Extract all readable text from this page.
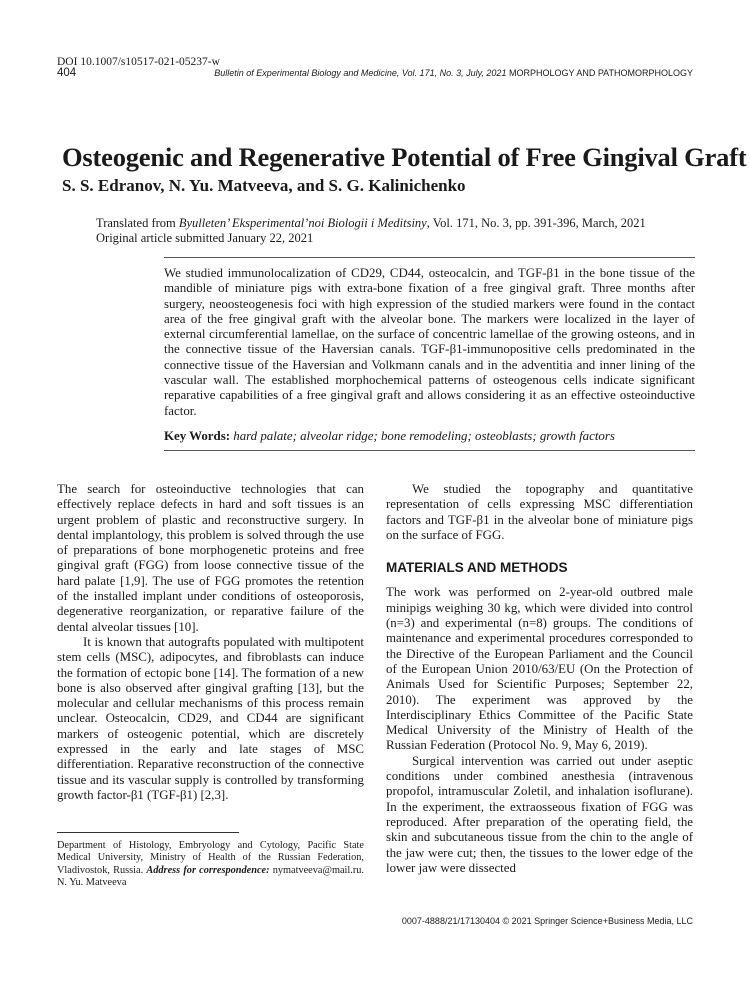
DOI 10.1007/s10517-021-05237-w
404	Bulletin of Experimental Biology and Medicine, Vol. 171, No. 3, July, 2021 MORPHOLOGY AND PATHOMORPHOLOGY
Osteogenic and Regenerative Potential of Free Gingival Graft
S. S. Edranov, N. Yu. Matveeva, and S. G. Kalinichenko
Translated from Byulleten’ Eksperimental’noi Biologii i Meditsiny, Vol. 171, No. 3, pp. 391-396, March, 2021
Original article submitted January 22, 2021

We studied immunolocalization of CD29, CD44, osteocalcin, and TGF-β1 in the bone tissue of the mandible of miniature pigs with extra-bone fixation of a free gingival graft. Three months after surgery, neoosteogenesis foci with high expression of the studied markers were found in the contact area of the free gingival graft with the alveolar bone. The markers were localized in the layer of external circumferential lamellae, on the surface of concentric lamellae of the growing osteons, and in the connective tissue of the Haversian canals. TGF-β1-immunopositive cells predominated in the connective tissue of the Haversian and Volkmann canals and in the adventitia and inner lining of the vascular wall. The established morphochemical patterns of osteogenous cells indicate significant reparative capabilities of a free gingival graft and allows considering it as an effective osteoinductive factor.

Key Words: hard palate; alveolar ridge; bone remodeling; osteoblasts; growth factors

The search for osteoinductive technologies that can effectively replace defects in hard and soft tissues is an urgent problem of plastic and reconstructive surgery. In dental implantology, this problem is solved through the use of preparations of bone morphogenetic proteins and free gingival graft (FGG) from loose connective tissue of the hard palate [1,9]. The use of FGG promotes the retention of the installed implant under conditions of osteoporosis, degenerative reorganization, or reparative failure of the dental alveolar tissues [10].

It is known that autografts populated with multipotent stem cells (MSC), adipocytes, and fibroblasts can induce the formation of ectopic bone [14]. The formation of a new bone is also observed after gingival grafting [13], but the molecular and cellular mechanisms of this process remain unclear. Osteocalcin, CD29, and CD44 are significant markers of osteogenic potential, which are discretely expressed in the early and late stages of MSC differentiation. Reparative reconstruction of the connective tissue and its vascular supply is controlled by transforming growth factor-β1 (TGF-β1) [2,3].

We studied the topography and quantitative representation of cells expressing MSC differentiation factors and TGF-β1 in the alveolar bone of miniature pigs on the surface of FGG.

MATERIALS AND METHODS

The work was performed on 2-year-old outbred male minipigs weighing 30 kg, which were divided into control (n=3) and experimental (n=8) groups. The conditions of maintenance and experimental procedures corresponded to the Directive of the European Parliament and the Council of the European Union 2010/63/EU (On the Protection of Animals Used for Scientific Purposes; September 22, 2010). The experiment was approved by the Interdisciplinary Ethics Committee of the Pacific State Medical University of the Ministry of Health of the Russian Federation (Protocol No. 9, May 6, 2019).

Surgical intervention was carried out under aseptic conditions under combined anesthesia (intravenous propofol, intramuscular Zoletil, and inhalation isoflurane). In the experiment, the extraosseous fixation of FGG was reproduced. After preparation of the operating field, the skin and subcutaneous tissue from the chin to the angle of the jaw were cut; then, the tissues to the lower edge of the lower jaw were dissected

Department of Histology, Embryology and Cytology, Pacific State Medical University, Ministry of Health of the Russian Federation, Vladivostok, Russia. Address for correspondence: nymatveeva@mail.ru. N. Yu. Matveeva
0007-4888/21/17130404 © 2021 Springer Science+Business Media, LLC
